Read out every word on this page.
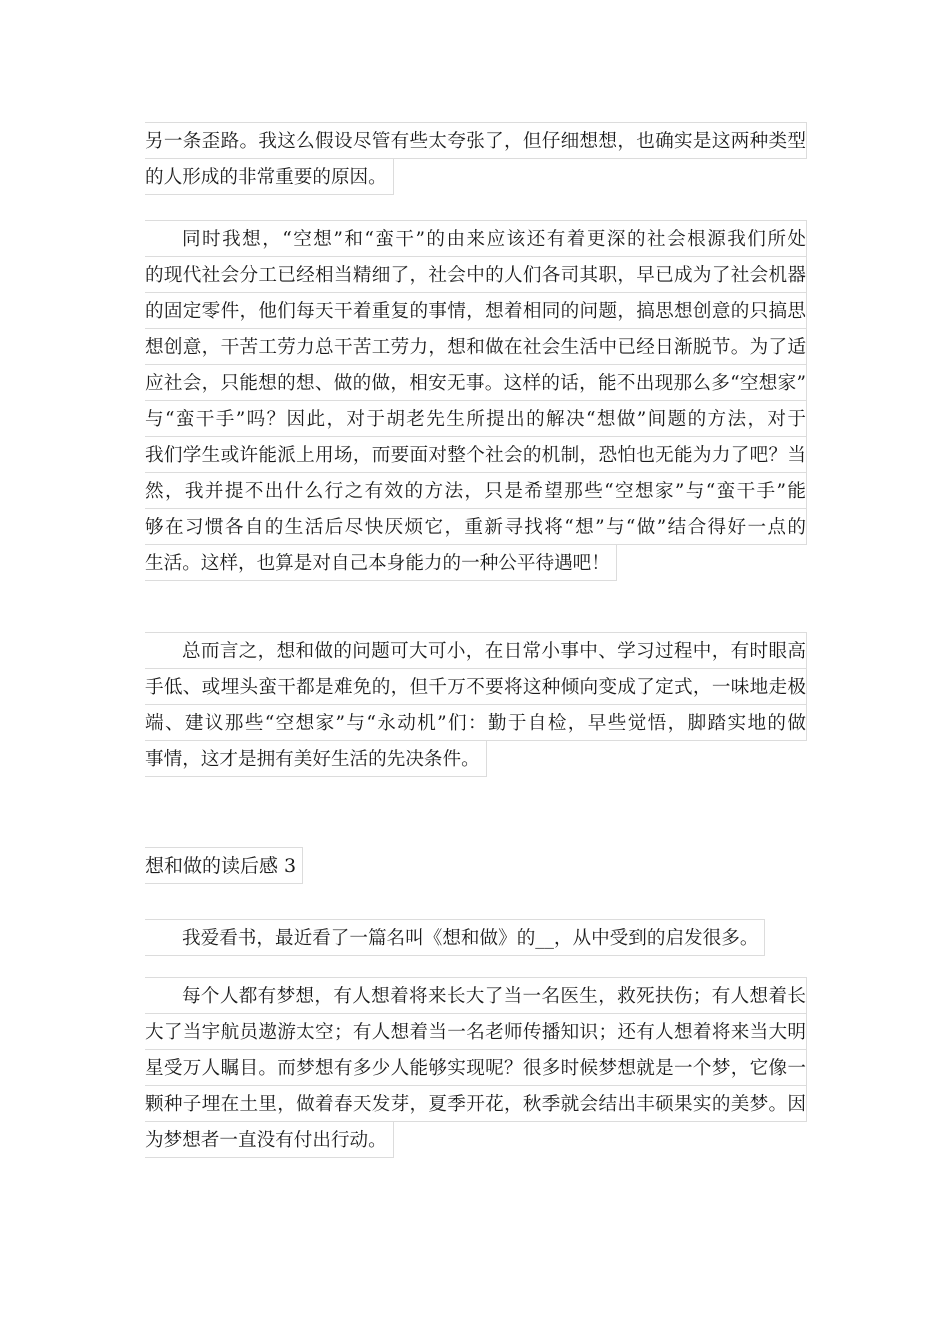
另一条歪路。我这么假设尽管有些太夸张了，但仔细想想，也确实是这两种类型
的人形成的非常重要的原因。
同时我想，“空想”和“蛮干”的由来应该还有着更深的社会根源我们所处
的现代社会分工已经相当精细了，社会中的人们各司其职，早已成为了社会机器
的固定零件，他们每天干着重复的事情，想着相同的问题，搞思想创意的只搞思
想创意，干苦工劳力总干苦工劳力，想和做在社会生活中已经日渐脱节。为了适
应社会，只能想的想、做的做，相安无事。这样的话，能不出现那么多“空想家”
与“蛮干手”吗？因此，对于胡老先生所提出的解决“想做”间题的方法，对于
我们学生或许能派上用场，而要面对整个社会的机制，恐怕也无能为力了吧？当
然，我并提不出什么行之有效的方法，只是希望那些“空想家”与“蛮干手”能
够在习惯各自的生活后尽快厌烦它，重新寻找将“想”与“做”结合得好一点的
生活。这样，也算是对自己本身能力的一种公平待遇吧！
总而言之，想和做的问题可大可小，在日常小事中、学习过程中，有时眼高
手低、或埋头蛮干都是难免的，但千万不要将这种倾向变成了定式，一味地走极
端、建议那些“空想家”与“永动机”们：勤于自检，早些觉悟，脚踏实地的做
事情，这才是拥有美好生活的先决条件。
想和做的读后感 3
我爱看书，最近看了一篇名叫《想和做》的__，从中受到的启发很多。
每个人都有梦想，有人想着将来长大了当一名医生，救死扶伤；有人想着长
大了当宇航员遨游太空；有人想着当一名老师传播知识；还有人想着将来当大明
星受万人瞩目。而梦想有多少人能够实现呢？很多时候梦想就是一个梦，它像一
颗种子埋在土里，做着春天发芽，夏季开花，秋季就会结出丰硕果实的美梦。因
为梦想者一直没有付出行动。
